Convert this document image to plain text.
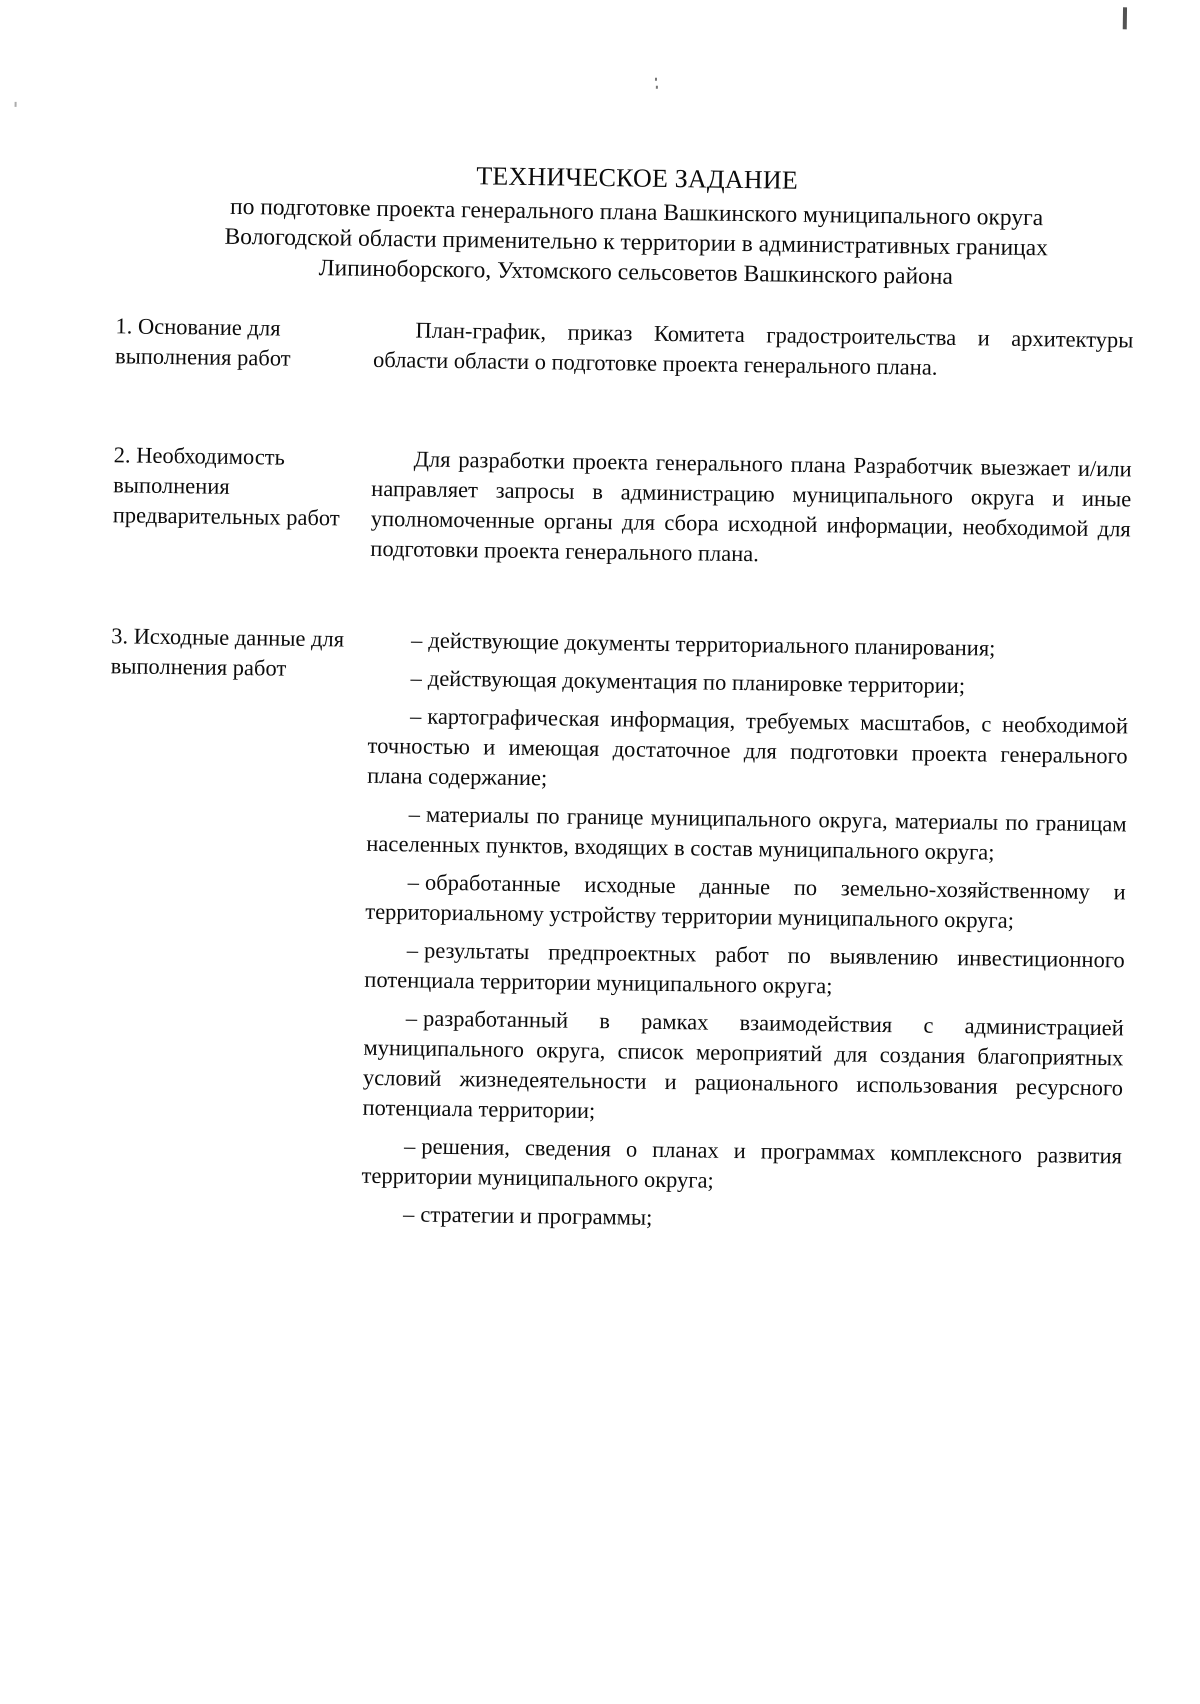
ТЕХНИЧЕСКОЕ ЗАДАНИЕ
по подготовке проекта генерального плана Вашкинского муниципального округа
Вологодской области применительно к территории в административных границах
Липиноборского, Ухтомского сельсоветов Вашкинского района
1. Основание для выполнения работ

План-график, приказ Комитета градостроительства и архитектуры области области о подготовке проекта генерального плана.

2. Необходимость выполнения предварительных работ

Для разработки проекта генерального плана Разработчик выезжает и/или направляет запросы в администрацию муниципального округа и иные уполномоченные органы для сбора исходной информации, необходимой для подготовки проекта генерального плана.

3. Исходные данные для выполнения работ
– действующие документы территориального планирования;
– действующая документация по планировке территории;
– картографическая информация, требуемых масштабов, с необходимой точностью и имеющая достаточное для подготовки проекта генерального плана содержание;
– материалы по границе муниципального округа, материалы по границам населенных пунктов, входящих в состав муниципального округа;
– обработанные исходные данные по земельно-хозяйственному и территориальному устройству территории муниципального округа;
– результаты предпроектных работ по выявлению инвестиционного потенциала территории муниципального округа;
– разработанный в рамках взаимодействия с администрацией муниципального округа, список мероприятий для создания благоприятных условий жизнедеятельности и рационального использования ресурсного потенциала территории;
– решения, сведения о планах и программах комплексного развития территории муниципального округа;
– стратегии и программы;
